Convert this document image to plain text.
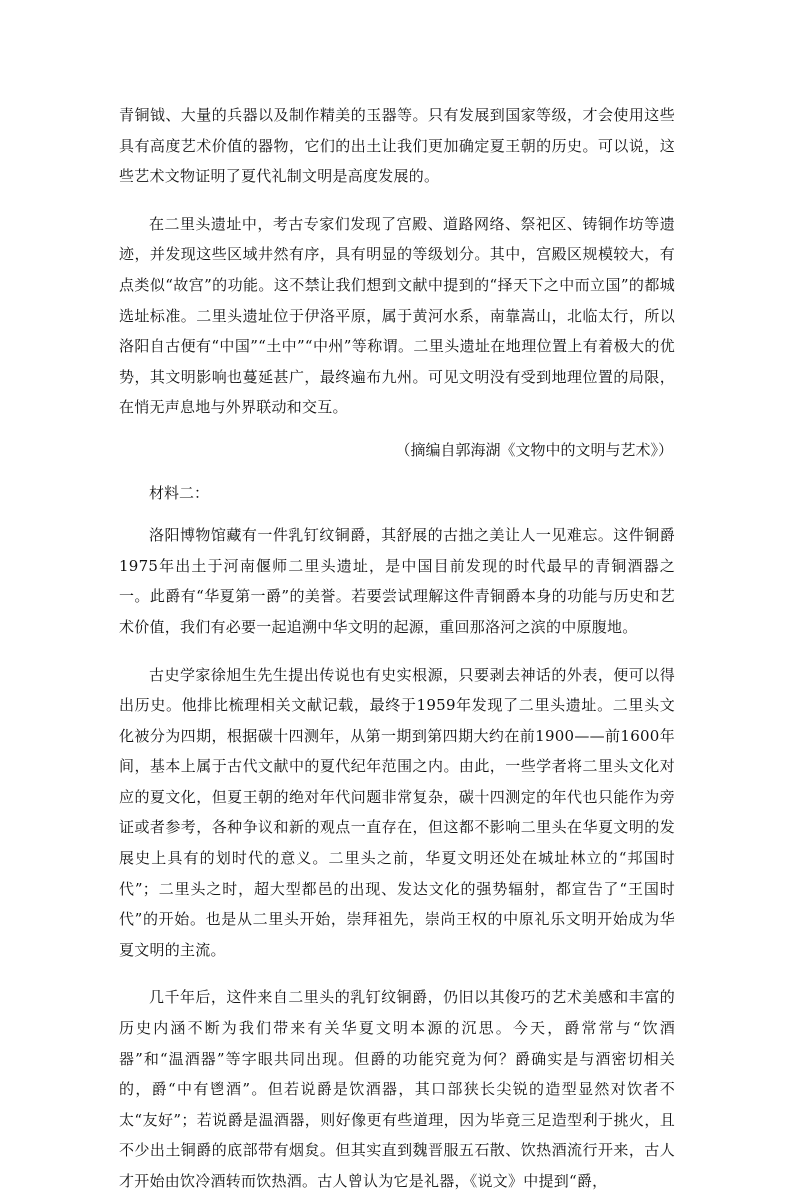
青铜钺、大量的兵器以及制作精美的玉器等。只有发展到国家等级，才会使用这些具有高度艺术价值的器物，它们的出土让我们更加确定夏王朝的历史。可以说，这些艺术文物证明了夏代礼制文明是高度发展的。

在二里头遗址中，考古专家们发现了宫殿、道路网络、祭祀区、铸铜作坊等遗迹，并发现这些区域井然有序，具有明显的等级划分。其中，宫殿区规模较大，有点类似“故宫”的功能。这不禁让我们想到文献中提到的“择天下之中而立国”的都城选址标准。二里头遗址位于伊洛平原，属于黄河水系，南靠嵩山，北临太行，所以洛阳自古便有“中国”“土中”“中州”等称谓。二里头遗址在地理位置上有着极大的优势，其文明影响也蔓延甚广，最终遍布九州。可见文明没有受到地理位置的局限，在悄无声息地与外界联动和交互。

（摘编自郭海湖《文物中的文明与艺术》）

材料二：

洛阳博物馆藏有一件乳钉纹铜爵，其舒展的古拙之美让人一见难忘。这件铜爵1975年出土于河南偃师二里头遗址，是中国目前发现的时代最早的青铜酒器之一。此爵有“华夏第一爵”的美誉。若要尝试理解这件青铜爵本身的功能与历史和艺术价值，我们有必要一起追溯中华文明的起源，重回那洛河之滨的中原腹地。

古史学家徐旭生先生提出传说也有史实根源，只要剥去神话的外表，便可以得出历史。他排比梳理相关文献记载，最终于1959年发现了二里头遗址。二里头文化被分为四期，根据碳十四测年，从第一期到第四期大约在前1900——前1600年间，基本上属于古代文献中的夏代纪年范围之内。由此，一些学者将二里头文化对应的夏文化，但夏王朝的绝对年代问题非常复杂，碳十四测定的年代也只能作为旁证或者参考，各种争议和新的观点一直存在，但这都不影响二里头在华夏文明的发展史上具有的划时代的意义。二里头之前，华夏文明还处在城址林立的“邦国时代”；二里头之时，超大型都邑的出现、发达文化的强势辐射，都宣告了“王国时代”的开始。也是从二里头开始，崇拜祖先，崇尚王权的中原礼乐文明开始成为华夏文明的主流。

几千年后，这件来自二里头的乳钉纹铜爵，仍旧以其俊巧的艺术美感和丰富的历史内涵不断为我们带来有关华夏文明本源的沉思。今天，爵常常与“饮酒器”和“温酒器”等字眼共同出现。但爵的功能究竟为何？爵确实是与酒密切相关的，爵“中有鬯酒”。但若说爵是饮酒器，其口部狭长尖锐的造型显然对饮者不太“友好”；若说爵是温酒器，则好像更有些道理，因为毕竟三足造型利于挑火，且不少出土铜爵的底部带有烟炱。但其实直到魏晋服五石散、饮热酒流行开来，古人才开始由饮冷酒转而饮热酒。古人曾认为它是礼器，《说文》中提到“爵，
